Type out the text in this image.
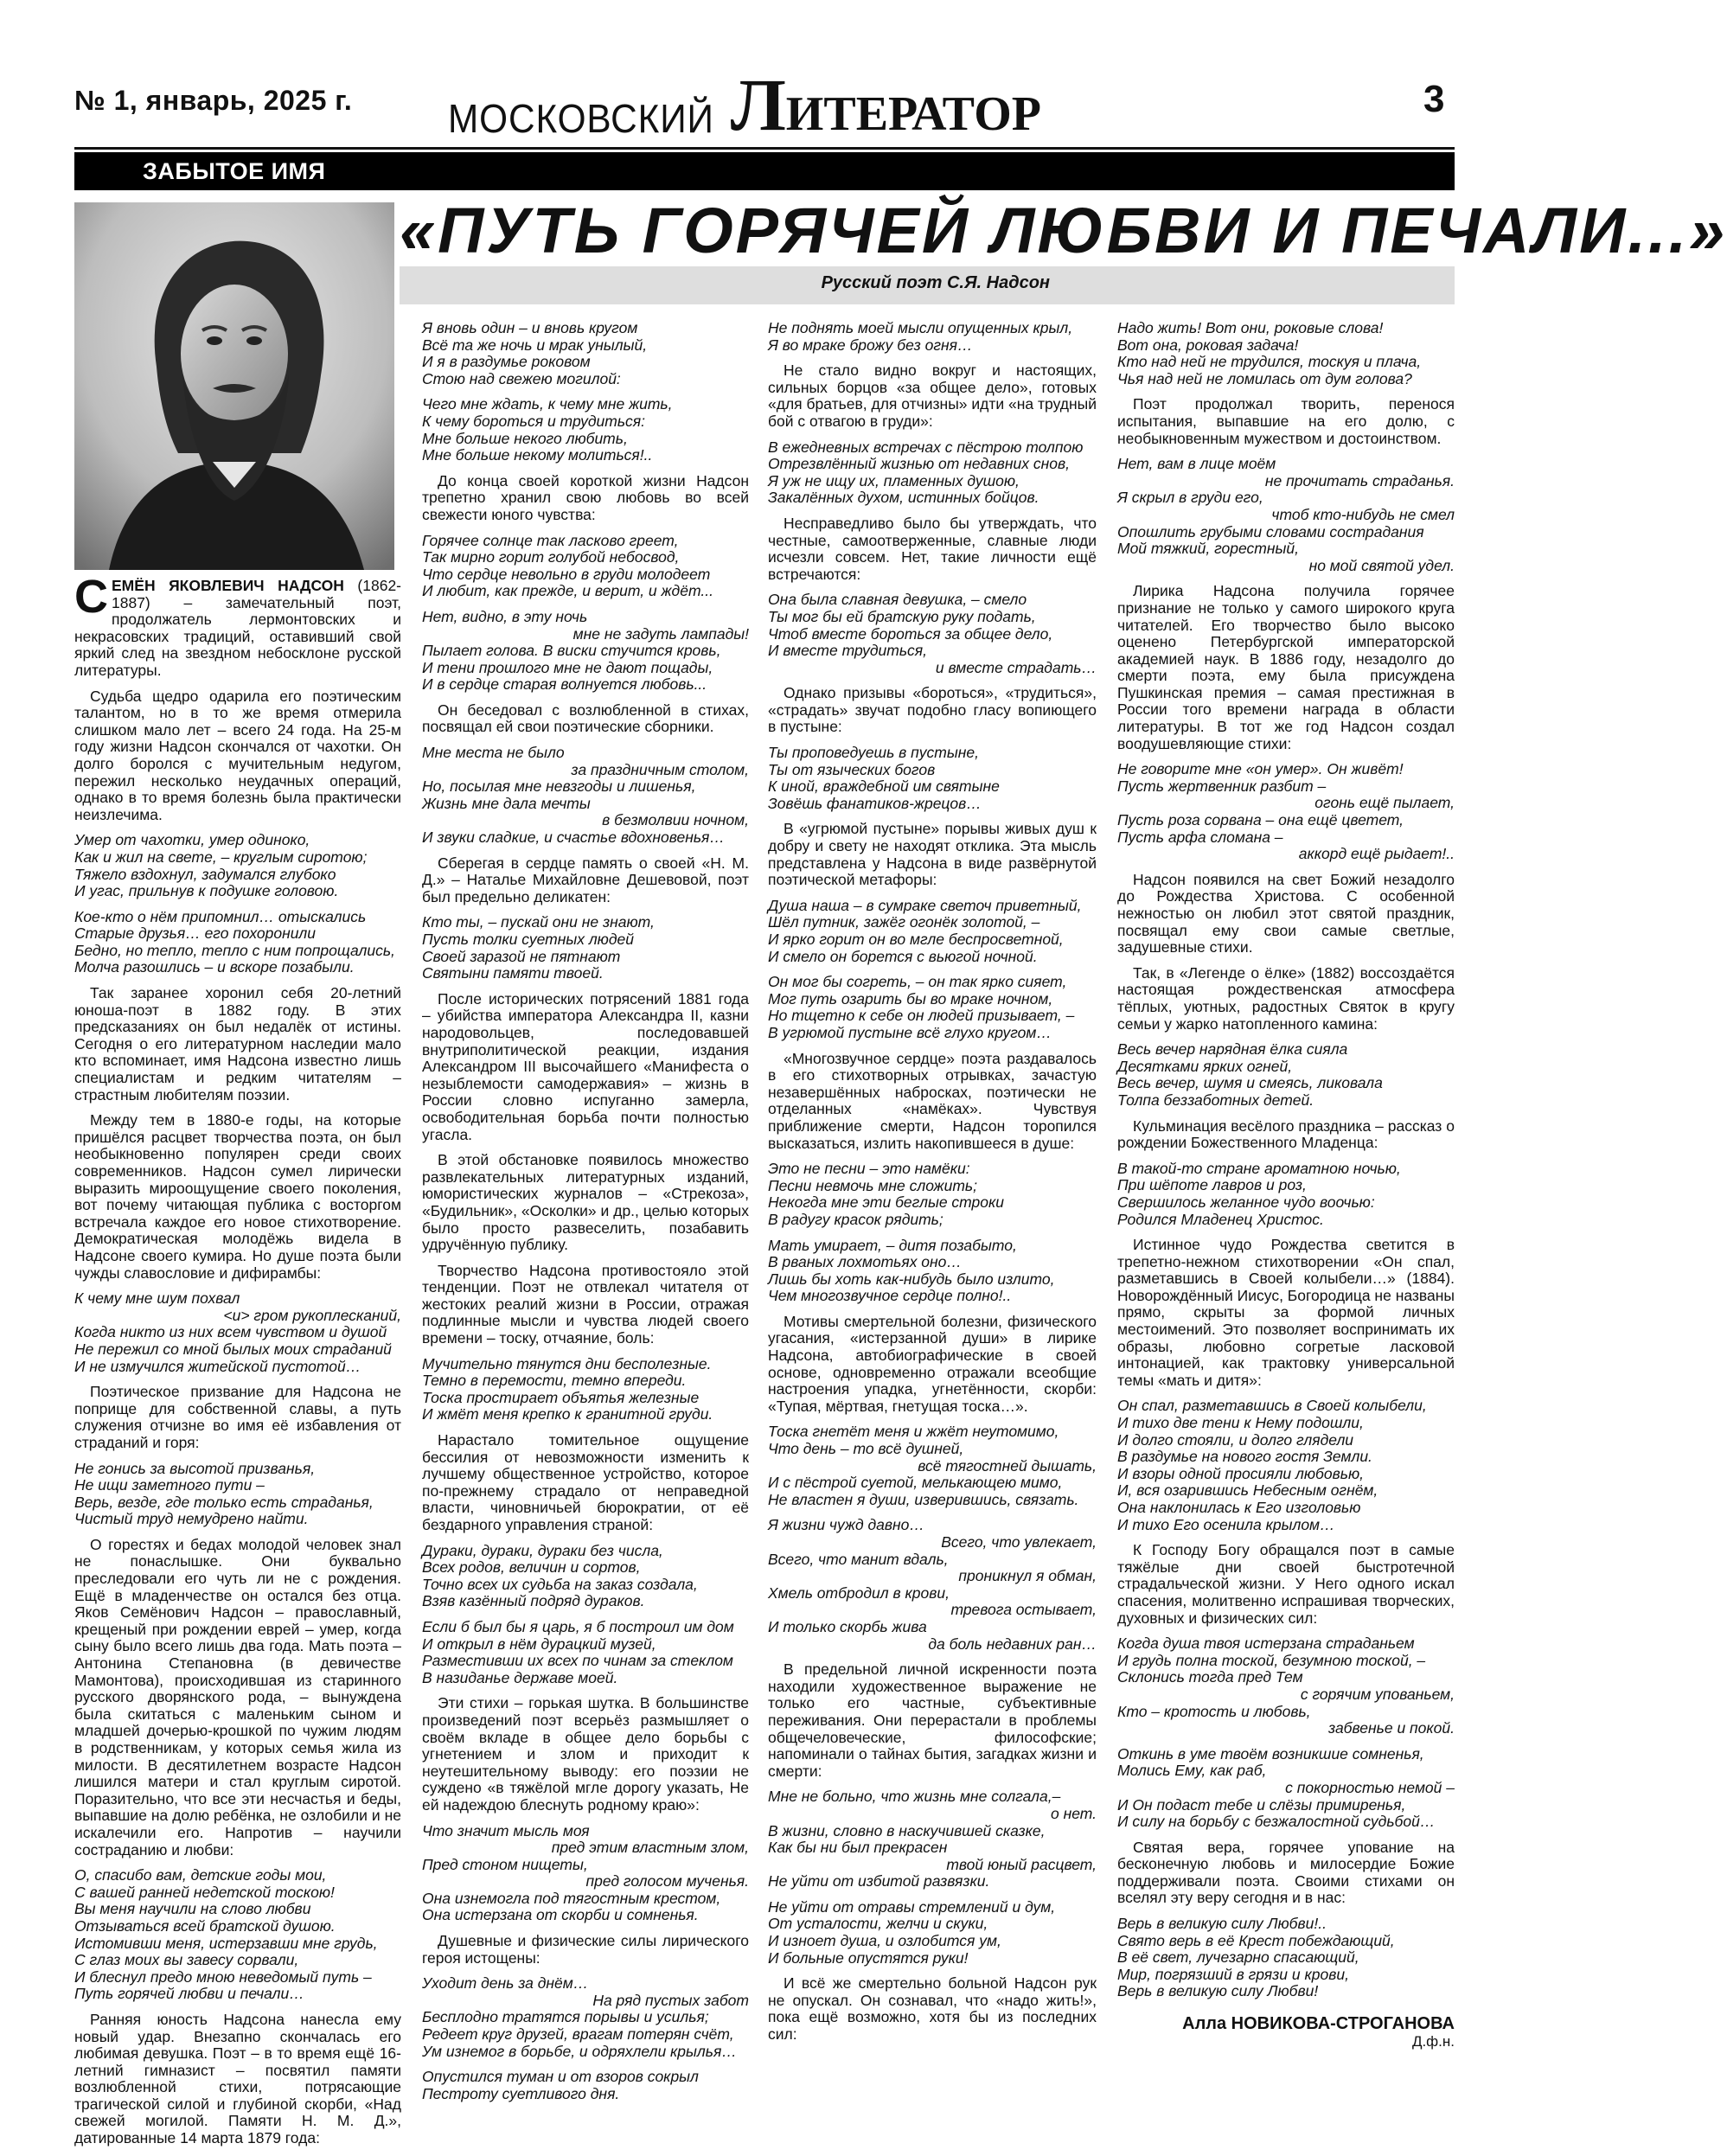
№ 1, январь, 2025 г. МОСКОВСКИЙ ЛИТЕРАТОР	3
ЗАБЫТОЕ ИМЯ
«ПУТЬ ГОРЯЧЕЙ ЛЮБВИ И ПЕЧАЛИ...»
Русский поэт С.Я. Надсон

СЕМЁН ЯКОВЛЕВИЧ НАДСОН (1862-1887) – замечательный поэт, продолжатель лермонтовских и некрасовских традиций, оставивший свой яркий след на звездном небосклоне русской литературы.

Судьба щедро одарила его поэтическим талантом, но в то же время отмерила слишком мало лет – всего 24 года. На 25-м году жизни Надсон скончался от чахотки. Он долго боролся с мучительным недугом, пережил несколько неудачных операций, однако в то время болезнь была практически неизлечима.

Умер от чахотки, умер одиноко,
Как и жил на свете, – круглым сиротою;
Тяжело вздохнул, задумался глубоко
И угас, прильнув к подушке головою.
Кое-кто о нём припомнил… отыскались
Старые друзья… его похоронили
Бедно, но тепло, тепло с ним попрощались,
Молча разошлись – и вскоре позабыли.

Так заранее хоронил себя 20-летний юноша-поэт в 1882 году. В этих предсказаниях он был недалёк от истины. Сегодня о его литературном наследии мало кто вспоминает, имя Надсона известно лишь специалистам и редким читателям – страстным любителям поэзии.

Между тем в 1880-е годы, на которые пришёлся расцвет творчества поэта, он был необыкновенно популярен среди своих современников. Надсон сумел лирически выразить мироощущение своего поколения, вот почему читающая публика с восторгом встречала каждое его новое стихотворение. Демократическая молодёжь видела в Надсоне своего кумира. Но душе поэта были чужды славословие и дифирамбы:

К чему мне шум похвал
<u> гром рукоплесканий,
Когда никто из них всем чувством и душой
Не пережил со мной былых моих страданий
И не измучился житейской пустотой…

Поэтическое призвание для Надсона не поприще для собственной славы, а путь служения отчизне во имя её избавления от страданий и горя:

Не гонись за высотой призванья,
Не ищи заметного пути –
Верь, везде, где только есть страданья,
Чистый труд немудрено найти.

О горестях и бедах молодой человек знал не понаслышке. Они буквально преследовали его чуть ли не с рождения. Ещё в младенчестве он остался без отца. Яков Семёнович Надсон – православный, крещеный при рождении еврей – умер, когда сыну было всего лишь два года. Мать поэта – Антонина Степановна (в девичестве Мамонтова), происходившая из старинного русского дворянского рода, – вынуждена была скитаться с маленьким сыном и младшей дочерью-крошкой по чужим людям в родственникам, у которых семья жила из милости. В десятилетнем возрасте Надсон лишился матери и стал круглым сиротой. Поразительно, что все эти несчастья и беды, выпавшие на долю ребёнка, не озлобили и не искалечили его. Напротив – научили состраданию и любви:

О, спасибо вам, детские годы мои,
С вашей ранней недетской тоскою!
Вы меня научили на слово любви
Отзываться всей братской душою.
Истомивши меня, истерзавши мне грудь,
С глаз моих вы завесу сорвали,
И блеснул предо мною неведомый путь –
Путь горячей любви и печали…

Ранняя юность Надсона нанесла ему новый удар. Внезапно скончалась его любимая девушка. Поэт – в то время ещё 16-летний гимназист – посвятил памяти возлюбленной стихи, потрясающие трагической силой и глубиной скорби, «Над свежей могилой. Памяти Н. М. Д.», датированные 14 марта 1879 года:

Я вновь один – и вновь кругом
Всё та же ночь и мрак унылый,
И я в раздумье роковом
Стою над свежею могилой:
Чего мне ждать, к чему мне жить,
К чему бороться и трудиться:
Мне больше некого любить,
Мне больше некому молиться!..

До конца своей короткой жизни Надсон трепетно хранил свою любовь во всей свежести юного чувства:

Горячее солнце так ласково греет,
Так мирно горит голубой небосвод,
Что сердце невольно в груди молодеет
И любит, как прежде, и верит, и ждёт...
Нет, видно, в эту ночь
мне не задуть лампады!
Пылает голова. В виски стучится кровь,
И тени прошлого мне не дают пощады,
И в сердце старая волнуется любовь...

Он беседовал с возлюбленной в стихах, посвящал ей свои поэтические сборники.

Мне места не было
за праздничным столом,
Но, посылая мне невзгоды и лишенья,
Жизнь мне дала мечты
в безмолвии ночном,
И звуки сладкие, и счастье вдохновенья…

Сберегая в сердце память о своей «Н. М. Д.» – Наталье Михайловне Дешевовой, поэт был предельно деликатен:

Кто ты, – пускай они не знают,
Пусть толки суетных людей
Своей заразой не пятнают
Святыни памяти твоей.

После исторических потрясений 1881 года – убийства императора Александра II, казни народовольцев, последовавшей внутриполитической реакции, издания Александром III высочайшего «Манифеста о незыблемости самодержавия» – жизнь в России словно испуганно замерла, освободительная борьба почти полностью угасла.

В этой обстановке появилось множество развлекательных литературных изданий, юмористических журналов – «Стрекоза», «Будильник», «Осколки» и др., целью которых было просто развеселить, позабавить удручённую публику.

Творчество Надсона противостояло этой тенденции. Поэт не отвлекал читателя от жестоких реалий жизни в России, отражая подлинные мысли и чувства людей своего времени – тоску, отчаяние, боль:

Мучительно тянутся дни бесполезные.
Темно в перемости, темно впереди.
Тоска простирает объятья железные
И жмёт меня крепко к гранитной груди.

Нарастало томительное ощущение бессилия от невозможности изменить к лучшему общественное устройство, которое по-прежнему страдало от неправедной власти, чиновничьей бюрократии, от её бездарного управления страной:

Дураки, дураки, дураки без числа,
Всех родов, величин и сортов,
Точно всех их судьба на заказ создала,
Взяв казённый подряд дураков.
Если б был бы я царь, я б построил им дом
И открыл в нём дурацкий музей,
Разместивши их всех по чинам за стеклом
В назиданье державе моей.

Эти стихи – горькая шутка. В большинстве произведений поэт всерьёз размышляет о своём вкладе в общее дело борьбы с угнетением и злом и приходит к неутешительному выводу: его поэзии не суждено «в тяжёлой мгле дорогу указать, Не ей надеждою блеснуть родному краю»:

Что значит мысль моя
пред этим властным злом,
Пред стоном нищеты,
пред голосом мученья.
Она изнемогла под тягостным крестом,
Она истерзана от скорби и сомненья.

Душевные и физические силы лирического героя истощены:

Уходит день за днём…
На ряд пустых забот
Бесплодно тратятся порывы и усилья;
Редеет круг друзей, врагам потерян счёт,
Ум изнемог в борьбе, и одряхлели крылья…
Опустился туман и от взоров сокрыл
Пестроту суетливого дня.
Не поднять моей мысли опущенных крыл,
Я во мраке брожу без огня…

Не стало видно вокруг и настоящих, сильных борцов «за общее дело», готовых «для братьев, для отчизны» идти «на трудный бой с отвагою в груди»:

В ежедневных встречах с пёстрою толпою
Отрезвлённый жизнью от недавних снов,
Я уж не ищу их, пламенных душою,
Закалённых духом, истинных бойцов.

Несправедливо было бы утверждать, что честные, самоотверженные, славные люди исчезли совсем. Нет, такие личности ещё встречаются:

Она была славная девушка, – смело
Ты мог бы ей братскую руку подать,
Чтоб вместе бороться за общее дело,
И вместе трудиться,
и вместе страдать…

Однако призывы «бороться», «трудиться», «страдать» звучат подобно гласу вопиющего в пустыне:

Ты проповедуешь в пустыне,
Ты от языческих богов
К иной, враждебной им святыне
Зовёшь фанатиков-жрецов…

В «угрюмой пустыне» порывы живых душ к добру и свету не находят отклика. Эта мысль представлена у Надсона в виде развёрнутой поэтической метафоры:

Душа наша – в сумраке светоч приветный,
Шёл путник, зажёг огонёк золотой, –
И ярко горит он во мгле беспросветной,
И смело он борется с вьюгой ночной.
Он мог бы согреть, – он так ярко сияет,
Мог путь озарить бы во мраке ночном,
Но тщетно к себе он людей призывает, –
В угрюмой пустыне всё глухо кругом…

«Многозвучное сердце» поэта раздавалось в его стихотворных отрывках, зачастую незавершённых набросках, поэтически не отделанных «намёках». Чувствуя приближение смерти, Надсон торопился высказаться, излить накопившееся в душе:

Это не песни – это намёки:
Песни невмочь мне сложить;
Некогда мне эти беглые строки
В радугу красок рядить;
Мать умирает, – дитя позабыто,
В рваных лохмотьях оно…
Лишь бы хоть как-нибудь было излито,
Чем многозвучное сердце полно!..

Мотивы смертельной болезни, физического угасания, «истерзанной души» в лирике Надсона, автобиографические в своей основе, одновременно отражали всеобщие настроения упадка, угнетённости, скорби: «Тупая, мёртвая, гнетущая тоска…».

Тоска гнетёт меня и жжёт неутомимо,
Что день – то всё душней,
всё тягостней дышать,
И с пёстрой суетой, мелькающею мимо,
Не властен я души, изверившись, связать.
Я жизни чужд давно…
Всего, что увлекает,
Всего, что манит вдаль,
проникнул я обман,
Хмель отбродил в крови,
тревога остывает,
И только скорбь жива
да боль недавних ран…

В предельной личной искренности поэта находили художественное выражение не только его частные, субъективные переживания. Они перерастали в проблемы общечеловеческие, философские; напоминали о тайнах бытия, загадках жизни и смерти:

Мне не больно, что жизнь мне солгала,–
о нет.
В жизни, словно в наскучившей сказке,
Как бы ни был прекрасен
твой юный расцвет,
Не уйти от избитой развязки.
Не уйти от отравы стремлений и дум,
От усталости, желчи и скуки,
И изноет душа, и озлобится ум,
И больные опустятся руки!

И всё же смертельно больной Надсон рук не опускал. Он сознавал, что «надо жить!», пока ещё возможно, хотя бы из последних сил:

Надо жить! Вот они, роковые слова!
Вот она, роковая задача!
Кто над ней не трудился, тоскуя и плача,
Чья над ней не ломилась от дум голова?

Поэт продолжал творить, перенося испытания, выпавшие на его долю, с необыкновенным мужеством и достоинством.

Нет, вам в лице моём
не прочитать страданья.
Я скрыл в груди его,
чтоб кто-нибудь не смел
Опошлить грубыми словами сострадания
Мой тяжкий, горестный,
но мой святой удел.

Лирика Надсона получила горячее признание не только у самого широкого круга читателей. Его творчество было высоко оценено Петербургской императорской академией наук. В 1886 году, незадолго до смерти поэта, ему была присуждена Пушкинская премия – самая престижная в России того времени награда в области литературы. В тот же год Надсон создал воодушевляющие стихи:

Не говорите мне «он умер». Он живёт!
Пусть жертвенник разбит –
огонь ещё пылает,
Пусть роза сорвана – она ещё цветет,
Пусть арфа сломана –
аккорд ещё рыдает!..

Надсон появился на свет Божий незадолго до Рождества Христова. С особенной нежностью он любил этот святой праздник, посвящал ему свои самые светлые, задушевные стихи.

Так, в «Легенде о ёлке» (1882) воссоздаётся настоящая рождественская атмосфера тёплых, уютных, радостных Святок в кругу семьи у жарко натопленного камина:

Весь вечер нарядная ёлка сияла
Десятками ярких огней,
Весь вечер, шумя и смеясь, ликовала
Толпа беззаботных детей.

Кульминация весёлого праздника – рассказ о рождении Божественного Младенца:

В такой-то стране ароматною ночью,
При шёпоте лавров и роз,
Свершилось желанное чудо воочью:
Родился Младенец Христос.

Истинное чудо Рождества светится в трепетно-нежном стихотворении «Он спал, разметавшись в Своей колыбели…» (1884). Новорождённый Иисус, Богородица не названы прямо, скрыты за формой личных местоимений. Это позволяет воспринимать их образы, любовно согретые ласковой интонацией, как трактовку универсальной темы «мать и дитя»:

Он спал, разметавшись в Своей колыбели,
И тихо две тени к Нему подошли,
И долго стояли, и долго глядели
В раздумье на нового гостя Земли.
И взоры одной просияли любовью,
И, вся озарившись Небесным огнём,
Она наклонилась к Его изголовью
И тихо Его осенила крылом…

К Господу Богу обращался поэт в самые тяжёлые дни своей быстротечной страдальческой жизни. У Него одного искал спасения, молитвенно испрашивая творческих, духовных и физических сил:

Когда душа твоя истерзана страданьем
И грудь полна тоской, безумною тоской, –
Склонись тогда пред Тем
с горячим упованьем,
Кто – кротость и любовь,
забвенье и покой.
Откинь в уме твоём возникшие сомненья,
Молись Ему, как раб,
с покорностью немой –
И Он подаст тебе и слёзы примиренья,
И силу на борьбу с безжалостной судьбой…

Святая вера, горячее упование на бесконечную любовь и милосердие Божие поддерживали поэта. Своими стихами он вселял эту веру сегодня и в нас:

Верь в великую силу Любви!..
Свято верь в её Крест побеждающий,
В её свет, лучезарно спасающий,
Мир, погрязший в грязи и крови,
Верь в великую силу Любви!
Алла НОВИКОВА-СТРОГАНОВА
Д.ф.н.
